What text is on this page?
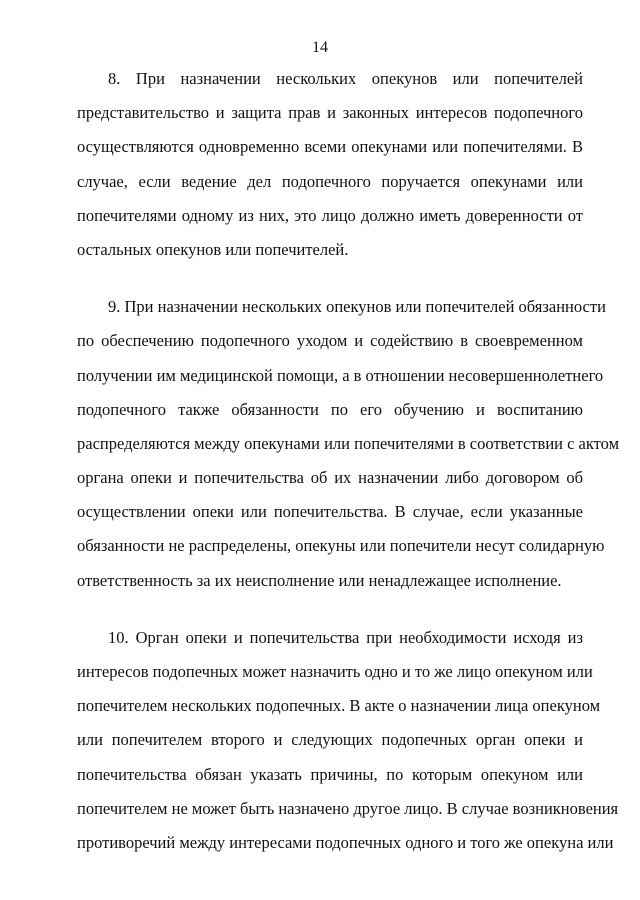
14
8. При назначении нескольких опекунов или попечителей
представительство и защита прав и законных интересов подопечного
осуществляются одновременно всеми опекунами или попечителями. В
случае, если ведение дел подопечного поручается опекунами или
попечителями одному из них, это лицо должно иметь доверенности от
остальных опекунов или попечителей.
9. При назначении нескольких опекунов или попечителей обязанности
по обеспечению подопечного уходом и содействию в своевременном
получении им медицинской помощи, а в отношении несовершеннолетнего
подопечного также обязанности по его обучению и воспитанию
распределяются между опекунами или попечителями в соответствии с актом
органа опеки и попечительства об их назначении либо договором об
осуществлении опеки или попечительства. В случае, если указанные
обязанности не распределены, опекуны или попечители несут солидарную
ответственность за их неисполнение или ненадлежащее исполнение.
10. Орган опеки и попечительства при необходимости исходя из
интересов подопечных может назначить одно и то же лицо опекуном или
попечителем нескольких подопечных. В акте о назначении лица опекуном
или попечителем второго и следующих подопечных орган опеки и
попечительства обязан указать причины, по которым опекуном или
попечителем не может быть назначено другое лицо. В случае возникновения
противоречий между интересами подопечных одного и того же опекуна или
